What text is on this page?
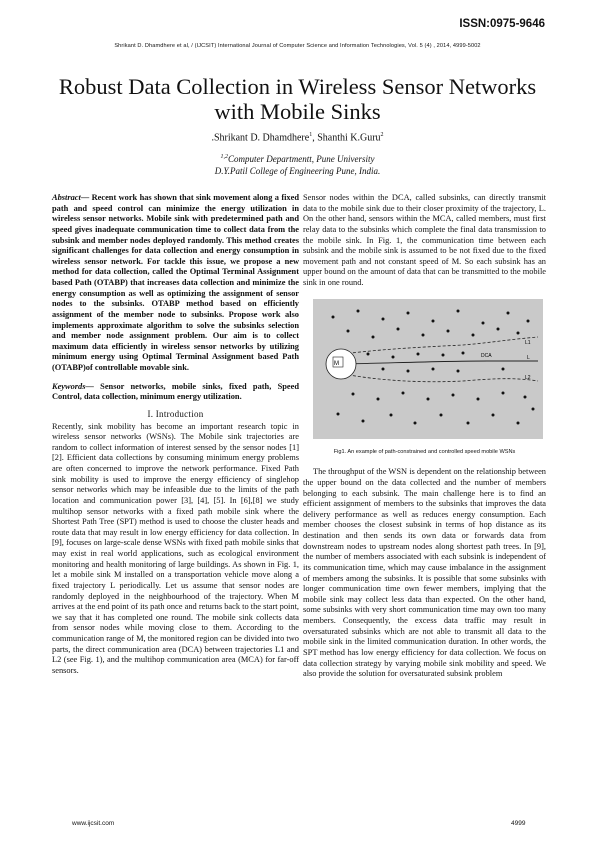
ISSN:0975-9646
Shrikant D. Dhamdhere et al, / (IJCSIT) International Journal of Computer Science and Information Technologies, Vol. 5 (4) , 2014, 4999-5002
Robust Data Collection in Wireless Sensor Networks with Mobile Sinks
.Shrikant D. Dhamdhere$^1$, Shanthi K.Guru$^2$
$^{1,2}$Computer Departmentt, Pune University
D.Y.Patil College of Engineering Pune, India.

Abstract— Recent work has shown that sink movement along a fixed path and speed control can minimize the energy utilization in wireless sensor networks. Mobile sink with predetermined path and speed gives inadequate communication time to collect data from the subsink and member nodes deployed randomly. This method creates significant challenges for data collection and energy consumption in wireless sensor network. For tackle this issue, we propose a new method for data collection, called the Optimal Terminal Assignment based Path (OTABP) that increases data collection and minimize the energy consumption as well as optimizing the assignment of sensor nodes to the subsinks. OTABP method based on efficiently assignment of the member node to subsinks. Propose work also implements approximate algorithm to solve the subsinks selection and member node assignment problem. Our aim is to collect maximum data efficiently in wireless sensor networks by utilizing minimum energy using Optimal Terminal Assignment based Path (OTABP)of controllable movable sink.

Keywords— Sensor networks, mobile sinks, fixed path, Speed Control, data collection, minimum energy utilization.

I. Introduction

Recently, sink mobility has become an important research topic in wireless sensor networks (WSNs). The Mobile sink trajectories are random to collect information of interest sensed by the sensor nodes [1] [2]. Efficient data collections by consuming minimum energy problems are often concerned to improve the network performance. Fixed Path sink mobility is used to improve the energy efficiency of singlehop sensor networks which may be infeasible due to the limits of the path location and communication power [3], [4], [5]. In [6],[8] we study multihop sensor networks with a fixed path mobile sink where the Shortest Path Tree (SPT) method is used to choose the cluster heads and route data that may result in low energy efficiency for data collection. In [9], focuses on large-scale dense WSNs with fixed path mobile sinks that may exist in real world applications, such as ecological environment monitoring and health monitoring of large buildings. As shown in Fig. 1, let a mobile sink M installed on a transportation vehicle move along a fixed trajectory L periodically. Let us assume that sensor nodes are randomly deployed in the neighbourhood of the trajectory. When M arrives at the end point of its path once and returns back to the start point, we say that it has completed one round. The mobile sink collects data from sensor nodes while moving close to them. According to the communication range of M, the monitored region can be divided into two parts, the direct communication area (DCA) between trajectories L1 and L2 (see Fig. 1), and the multihop communication area (MCA) for far-off sensors.

Sensor nodes within the DCA, called subsinks, can directly transmit data to the mobile sink due to their closer proximity of the trajectory, L. On the other hand, sensors within the MCA, called members, must first relay data to the subsinks which complete the final data transmission to the mobile sink. In Fig. 1, the communication time between each subsink and the mobile sink is assumed to be not fixed due to the fixed movement path and not constant speed of M. So each subsink has an upper bound on the amount of data that can be transmitted to the mobile sink in one round.

M
DCA
L1
L
L2

Fig1. An example of path-constrained and controlled speed mobile WSNs

The throughput of the WSN is dependent on the relationship between the upper bound on the data collected and the number of members belonging to each subsink. The main challenge here is to find an efficient assignment of members to the subsinks that improves the data delivery performance as well as reduces energy consumption. Each member chooses the closest subsink in terms of hop distance as its destination and then sends its own data or forwards data from downstream nodes to upstream nodes along shortest path trees. In [9], the number of members associated with each subsink is independent of its communication time, which may cause imbalance in the assignment of members among the subsinks. It is possible that some subsinks with longer communication time own fewer members, implying that the mobile sink may collect less data than expected. On the other hand, some subsinks with very short communication time may own too many members. Consequently, the excess data traffic may result in oversaturated subsinks which are not able to transmit all data to the mobile sink in the limited communication duration. In other words, the SPT method has low energy efficiency for data collection. We focus on data collection strategy by varying mobile sink mobility and speed. We also provide the solution for oversaturated subsink problem

www.ijcsit.com	4999
